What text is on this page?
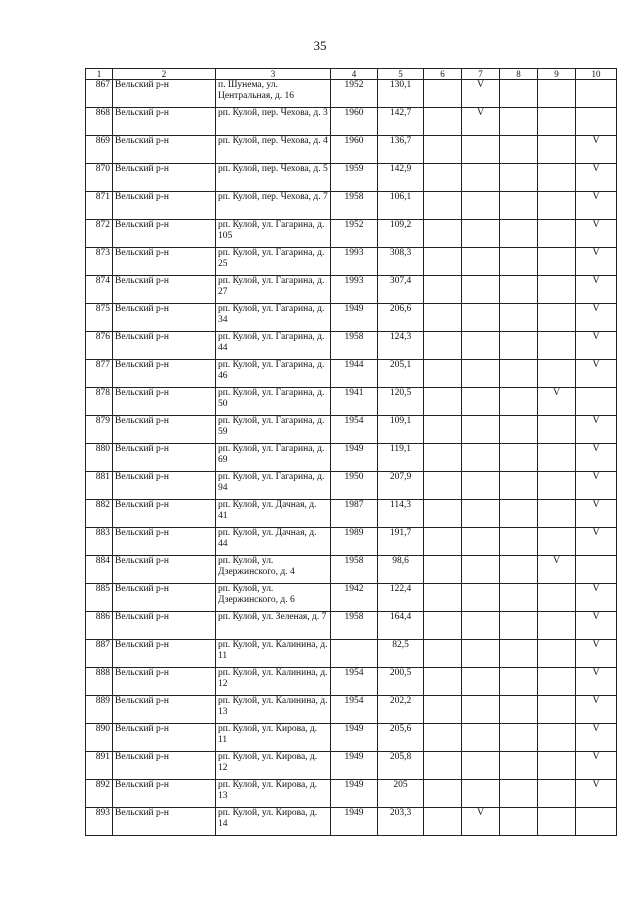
35
1	2	3	4	5	6	7	8	9	10
867	Вельский р-н	п. Шунема, ул. Центральная, д. 16	1952	130,1		V			
868	Вельский р-н	рп. Кулой, пер. Чехова, д. 3	1960	142,7		V			
869	Вельский р-н	рп. Кулой, пер. Чехова, д. 4	1960	136,7					V
870	Вельский р-н	рп. Кулой, пер. Чехова, д. 5	1959	142,9					V
871	Вельский р-н	рп. Кулой, пер. Чехова, д. 7	1958	106,1					V
872	Вельский р-н	рп. Кулой, ул. Гагарина, д. 105	1952	109,2					V
873	Вельский р-н	рп. Кулой, ул. Гагарина, д. 25	1993	308,3					V
874	Вельский р-н	рп. Кулой, ул. Гагарина, д. 27	1993	307,4					V
875	Вельский р-н	рп. Кулой, ул. Гагарина, д. 34	1949	206,6					V
876	Вельский р-н	рп. Кулой, ул. Гагарина, д. 44	1958	124,3					V
877	Вельский р-н	рп. Кулой, ул. Гагарина, д. 46	1944	205,1					V
878	Вельский р-н	рп. Кулой, ул. Гагарина, д. 50	1941	120,5				V	
879	Вельский р-н	рп. Кулой, ул. Гагарина, д. 59	1954	109,1					V
880	Вельский р-н	рп. Кулой, ул. Гагарина, д. 69	1949	119,1					V
881	Вельский р-н	рп. Кулой, ул. Гагарина, д. 94	1950	207,9					V
882	Вельский р-н	рп. Кулой, ул. Дачная, д. 41	1987	114,3					V
883	Вельский р-н	рп. Кулой, ул. Дачная, д. 44	1989	191,7					V
884	Вельский р-н	рп. Кулой, ул. Дзержинского, д. 4	1958	98,6				V	
885	Вельский р-н	рп. Кулой, ул. Дзержинского, д. 6	1942	122,4					V
886	Вельский р-н	рп. Кулой, ул. Зеленая, д. 7	1958	164,4					V
887	Вельский р-н	рп. Кулой, ул. Калинина, д. 11		82,5					V
888	Вельский р-н	рп. Кулой, ул. Калинина, д. 12	1954	200,5					V
889	Вельский р-н	рп. Кулой, ул. Калинина, д. 13	1954	202,2					V
890	Вельский р-н	рп. Кулой, ул. Кирова, д. 11	1949	205,6					V
891	Вельский р-н	рп. Кулой, ул. Кирова, д. 12	1949	205,8					V
892	Вельский р-н	рп. Кулой, ул. Кирова, д. 13	1949	205					V
893	Вельский р-н	рп. Кулой, ул. Кирова, д. 14	1949	203,3		V			
